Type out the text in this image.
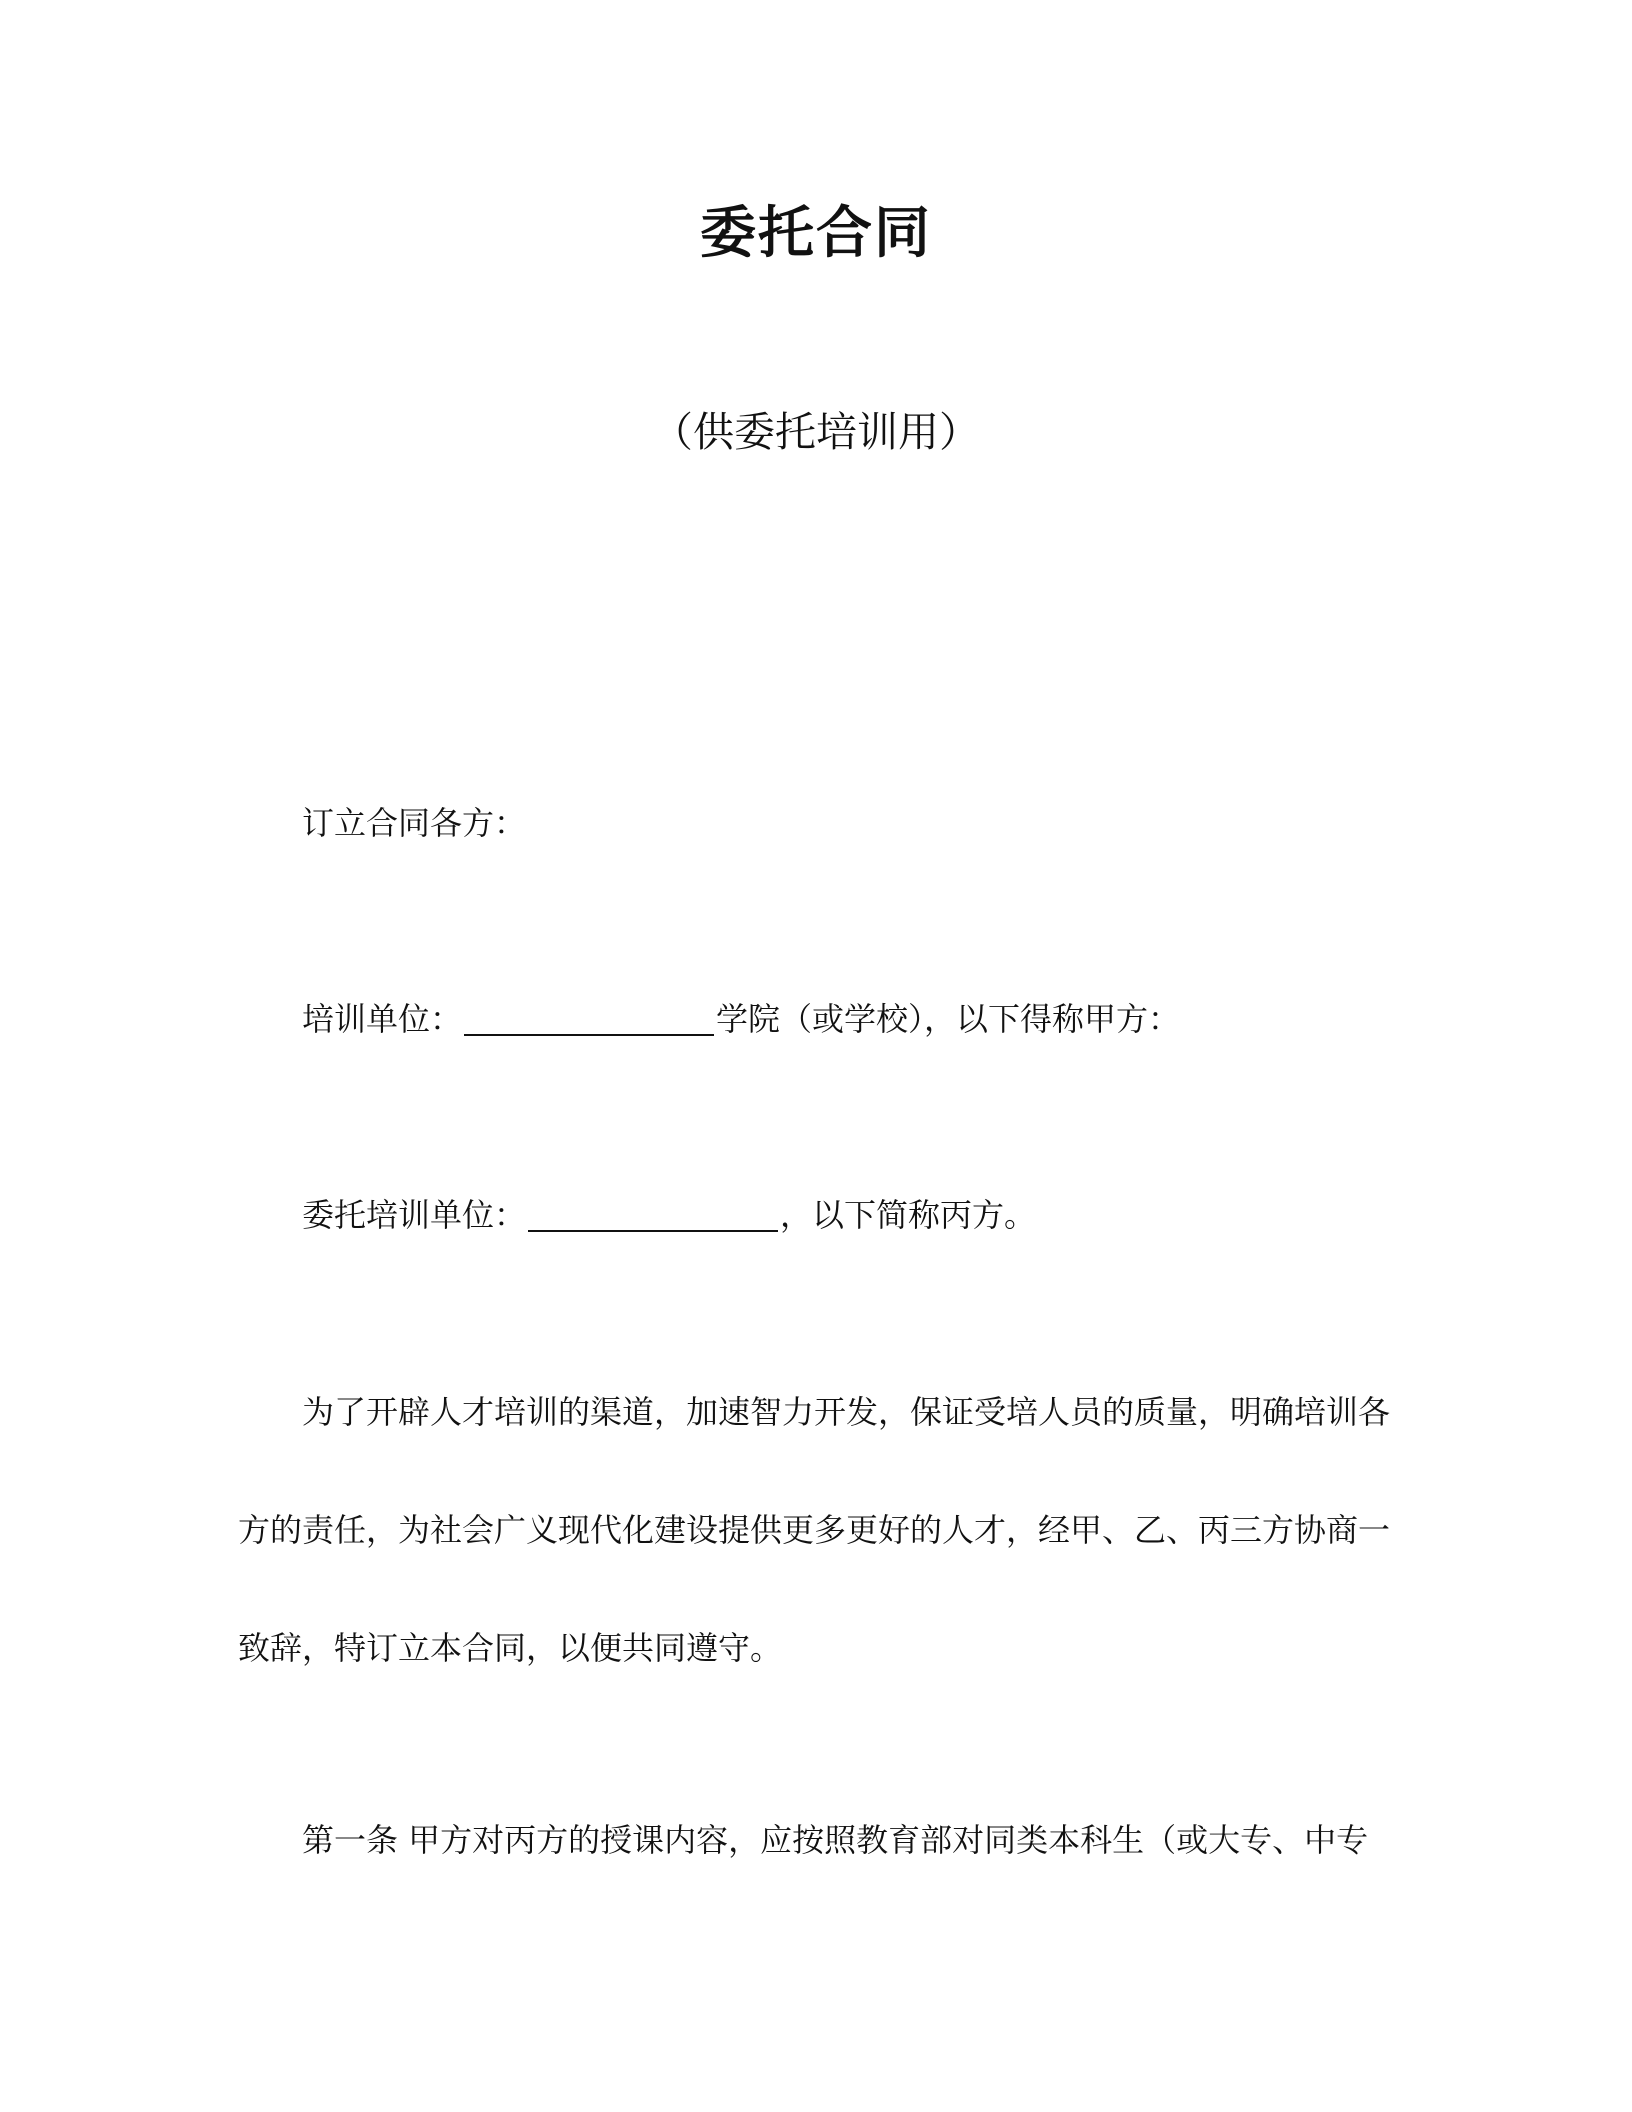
委托合同
（供委托培训用）
订立合同各方：
培训单位：	学院（或学校），以下得称甲方：
委托培训单位：	，以下简称丙方。
为了开辟人才培训的渠道，加速智力开发，保证受培人员的质量，明确培训各
方的责任，为社会广义现代化建设提供更多更好的人才，经甲、乙、丙三方协商一
致辞，特订立本合同，以便共同遵守。
第一条 甲方对丙方的授课内容，应按照教育部对同类本科生（或大专、中专
